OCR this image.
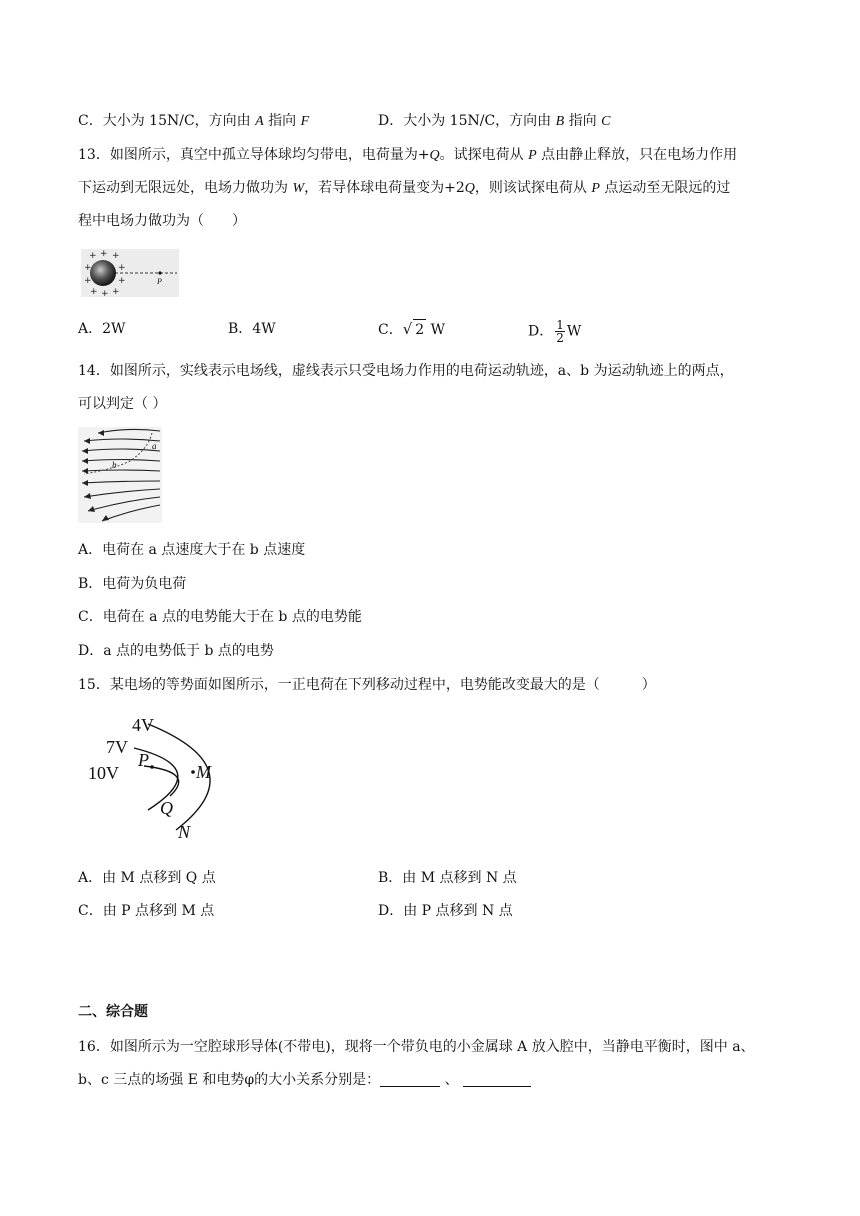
C．大小为 15N/C，方向由 A 指向 F	D．大小为 15N/C，方向由 B 指向 C
13．如图所示，真空中孤立导体球均匀带电，电荷量为+Q。试探电荷从 P 点由静止释放，只在电场力作用
下运动到无限远处，电场力做功为 W，若导体球电荷量变为+2Q，则该试探电荷从 P 点运动至无限远的过
程中电场力做功为（　　）
+ + +
+	+
+	+
+ + +
P
A．2W	B．4W	C．√ 2 W	D． $\frac{1}{2}$ W
14．如图所示，实线表示电场线，虚线表示只受电场力作用的电荷运动轨迹，a、b 为运动轨迹上的两点，
可以判定（ ）
a
b
A．电荷在 a 点速度大于在 b 点速度
B．电荷为负电荷
C．电荷在 a 点的电势能大于在 b 点的电势能
D．a 点的电势低于 b 点的电势
15．某电场的等势面如图所示，一正电荷在下列移动过程中，电势能改变最大的是（　　　）
4V
7V
10V
P
M
Q
N
A．由 M 点移到 Q 点	B．由 M 点移到 N 点
C．由 P 点移到 M 点	D．由 P 点移到 N 点
二、综合题
16．如图所示为一空腔球形导体(不带电)，现将一个带负电的小金属球 A 放入腔中，当静电平衡时，图中 a、
b、c 三点的场强 E 和电势φ的大小关系分别是：	、
